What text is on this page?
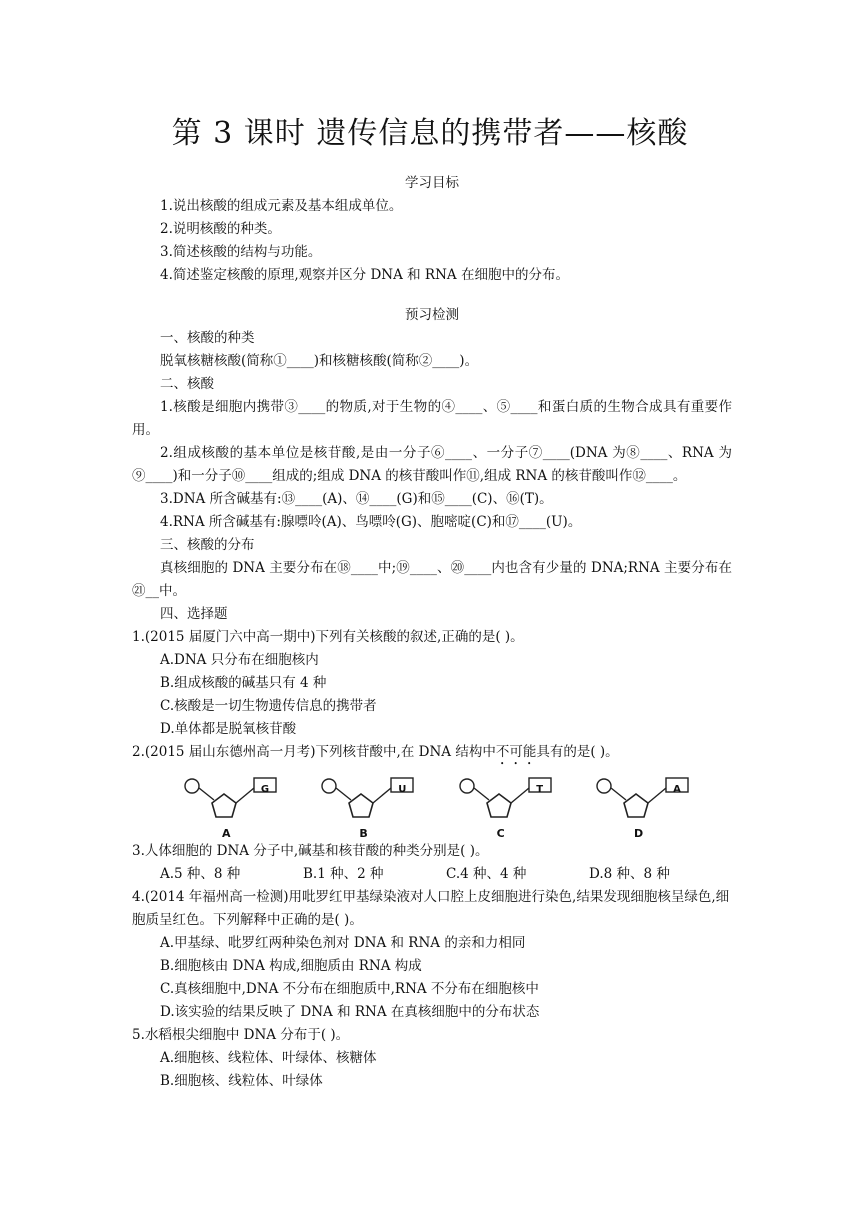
第 3 课时 遗传信息的携带者——核酸
学习目标
1.说出核酸的组成元素及基本组成单位。
2.说明核酸的种类。
3.简述核酸的结构与功能。
4.简述鉴定核酸的原理,观察并区分 DNA 和 RNA 在细胞中的分布。
预习检测
一、核酸的种类
脱氧核糖核酸(简称①____)和核糖核酸(简称②____)。
二、核酸
1.核酸是细胞内携带③____的物质,对于生物的④____、⑤____和蛋白质的生物合成具有重要作用。
2.组成核酸的基本单位是核苷酸,是由一分子⑥____、一分子⑦____(DNA 为⑧____、RNA 为⑨____)和一分子⑩____组成的;组成 DNA 的核苷酸叫作⑪,组成 RNA 的核苷酸叫作⑫____。
3.DNA 所含碱基有:⑬____(A)、⑭____(G)和⑮____(C)、⑯(T)。
4.RNA 所含碱基有:腺嘌呤(A)、鸟嘌呤(G)、胞嘧啶(C)和⑰____(U)。
三、核酸的分布
真核细胞的 DNA 主要分布在⑱____中;⑲____、⑳____内也含有少量的 DNA;RNA 主要分布在㉑__中。
四、选择题
1.(2015 届厦门六中高一期中)下列有关核酸的叙述,正确的是( )。
A.DNA 只分布在细胞核内
B.组成核酸的碱基只有 4 种
C.核酸是一切生物遗传信息的携带者
D.单体都是脱氧核苷酸
2.(2015 届山东德州高一月考)下列核苷酸中,在 DNA 结构中不可能具有的是( )。
G
A
U
B
T
C
A
D
3.人体细胞的 DNA 分子中,碱基和核苷酸的种类分别是( )。
A.5 种、8 种	B.1 种、2 种	C.4 种、4 种	D.8 种、8 种
4.(2014 年福州高一检测)用吡罗红甲基绿染液对人口腔上皮细胞进行染色,结果发现细胞核呈绿色,细胞质呈红色。下列解释中正确的是( )。
A.甲基绿、吡罗红两种染色剂对 DNA 和 RNA 的亲和力相同
B.细胞核由 DNA 构成,细胞质由 RNA 构成
C.真核细胞中,DNA 不分布在细胞质中,RNA 不分布在细胞核中
D.该实验的结果反映了 DNA 和 RNA 在真核细胞中的分布状态
5.水稻根尖细胞中 DNA 分布于( )。
A.细胞核、线粒体、叶绿体、核糖体
B.细胞核、线粒体、叶绿体
